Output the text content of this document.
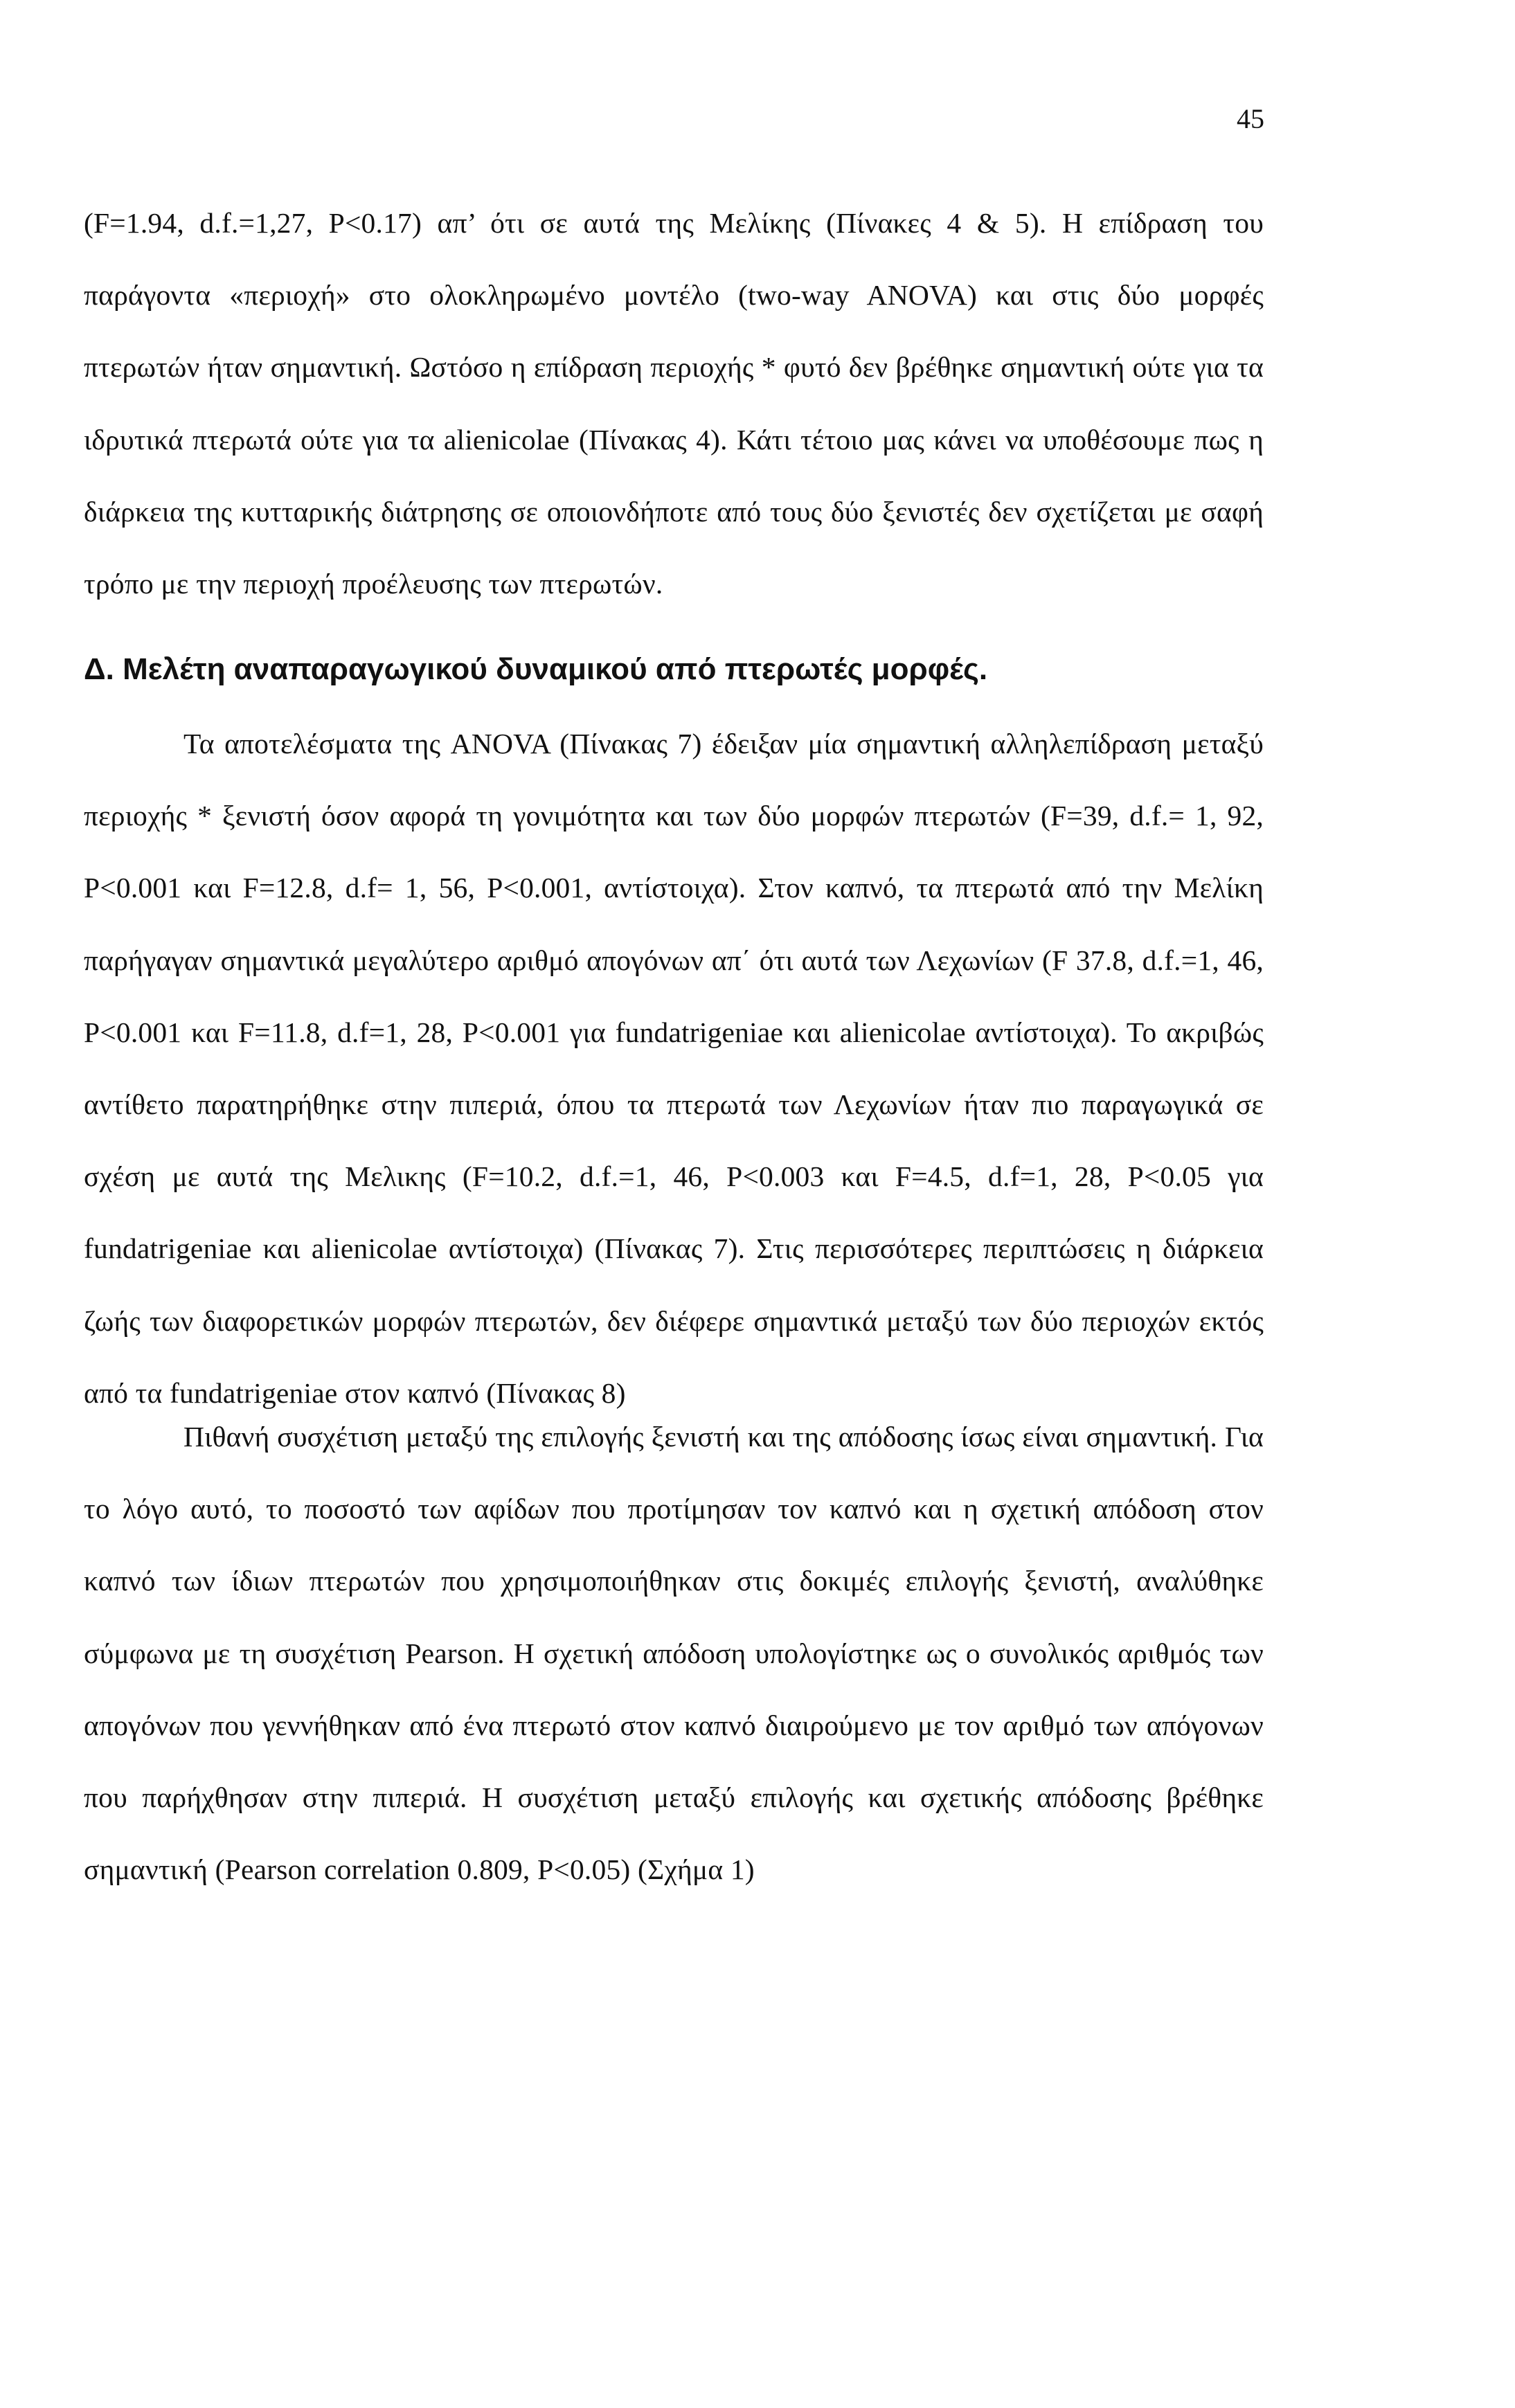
45

(F=1.94, d.f.=1,27, P<0.17) απ’ ότι σε αυτά της Μελίκης (Πίνακες 4 & 5). Η επίδραση του παράγοντα «περιοχή» στο ολοκληρωμένο μοντέλο (two-way ANOVA) και στις δύο μορφές πτερωτών ήταν σημαντική. Ωστόσο η επίδραση περιοχής * φυτό δεν βρέθηκε σημαντική ούτε για τα ιδρυτικά πτερωτά ούτε για τα alienicolae (Πίνακας 4). Κάτι τέτοιο μας κάνει να υποθέσουμε πως η διάρκεια της κυτταρικής διάτρησης σε οποιονδήποτε από τους δύο ξενιστές δεν σχετίζεται με σαφή τρόπο με την περιοχή προέλευσης των πτερωτών.

Δ. Μελέτη αναπαραγωγικού δυναμικού από πτερωτές μορφές.

Τα αποτελέσματα της ANOVA (Πίνακας 7) έδειξαν μία σημαντική αλληλεπίδραση μεταξύ περιοχής * ξενιστή όσον αφορά τη γονιμότητα και των δύο μορφών πτερωτών (F=39, d.f.= 1, 92, P<0.001 και F=12.8, d.f= 1, 56, P<0.001, αντίστοιχα). Στον καπνό, τα πτερωτά από την Μελίκη παρήγαγαν σημαντικά μεγαλύτερο αριθμό απογόνων απ΄ ότι αυτά των Λεχωνίων (F 37.8, d.f.=1, 46, P<0.001 και F=11.8, d.f=1, 28, P<0.001 για fundatrigeniae και alienicolae αντίστοιχα). Το ακριβώς αντίθετο παρατηρήθηκε στην πιπεριά, όπου τα πτερωτά των Λεχωνίων ήταν πιο παραγωγικά σε σχέση με αυτά της Μελικης (F=10.2, d.f.=1, 46, P<0.003 και F=4.5, d.f=1, 28, P<0.05 για fundatrigeniae και alienicolae αντίστοιχα) (Πίνακας 7). Στις περισσότερες περιπτώσεις η διάρκεια ζωής των διαφορετικών μορφών πτερωτών, δεν διέφερε σημαντικά μεταξύ των δύο περιοχών εκτός από τα fundatrigeniae στον καπνό (Πίνακας 8)

Πιθανή συσχέτιση μεταξύ της επιλογής ξενιστή και της απόδοσης ίσως είναι σημαντική. Για το λόγο αυτό, το ποσοστό των αφίδων που προτίμησαν τον καπνό και η σχετική απόδοση στον καπνό των ίδιων πτερωτών που χρησιμοποιήθηκαν στις δοκιμές επιλογής ξενιστή, αναλύθηκε σύμφωνα με τη συσχέτιση Pearson. Η σχετική απόδοση υπολογίστηκε ως ο συνολικός αριθμός των απογόνων που γεννήθηκαν από ένα πτερωτό στον καπνό διαιρούμενο με τον αριθμό των απόγονων που παρήχθησαν στην πιπεριά. Η συσχέτιση μεταξύ επιλογής και σχετικής απόδοσης βρέθηκε σημαντική (Pearson correlation 0.809, P<0.05) (Σχήμα 1)
